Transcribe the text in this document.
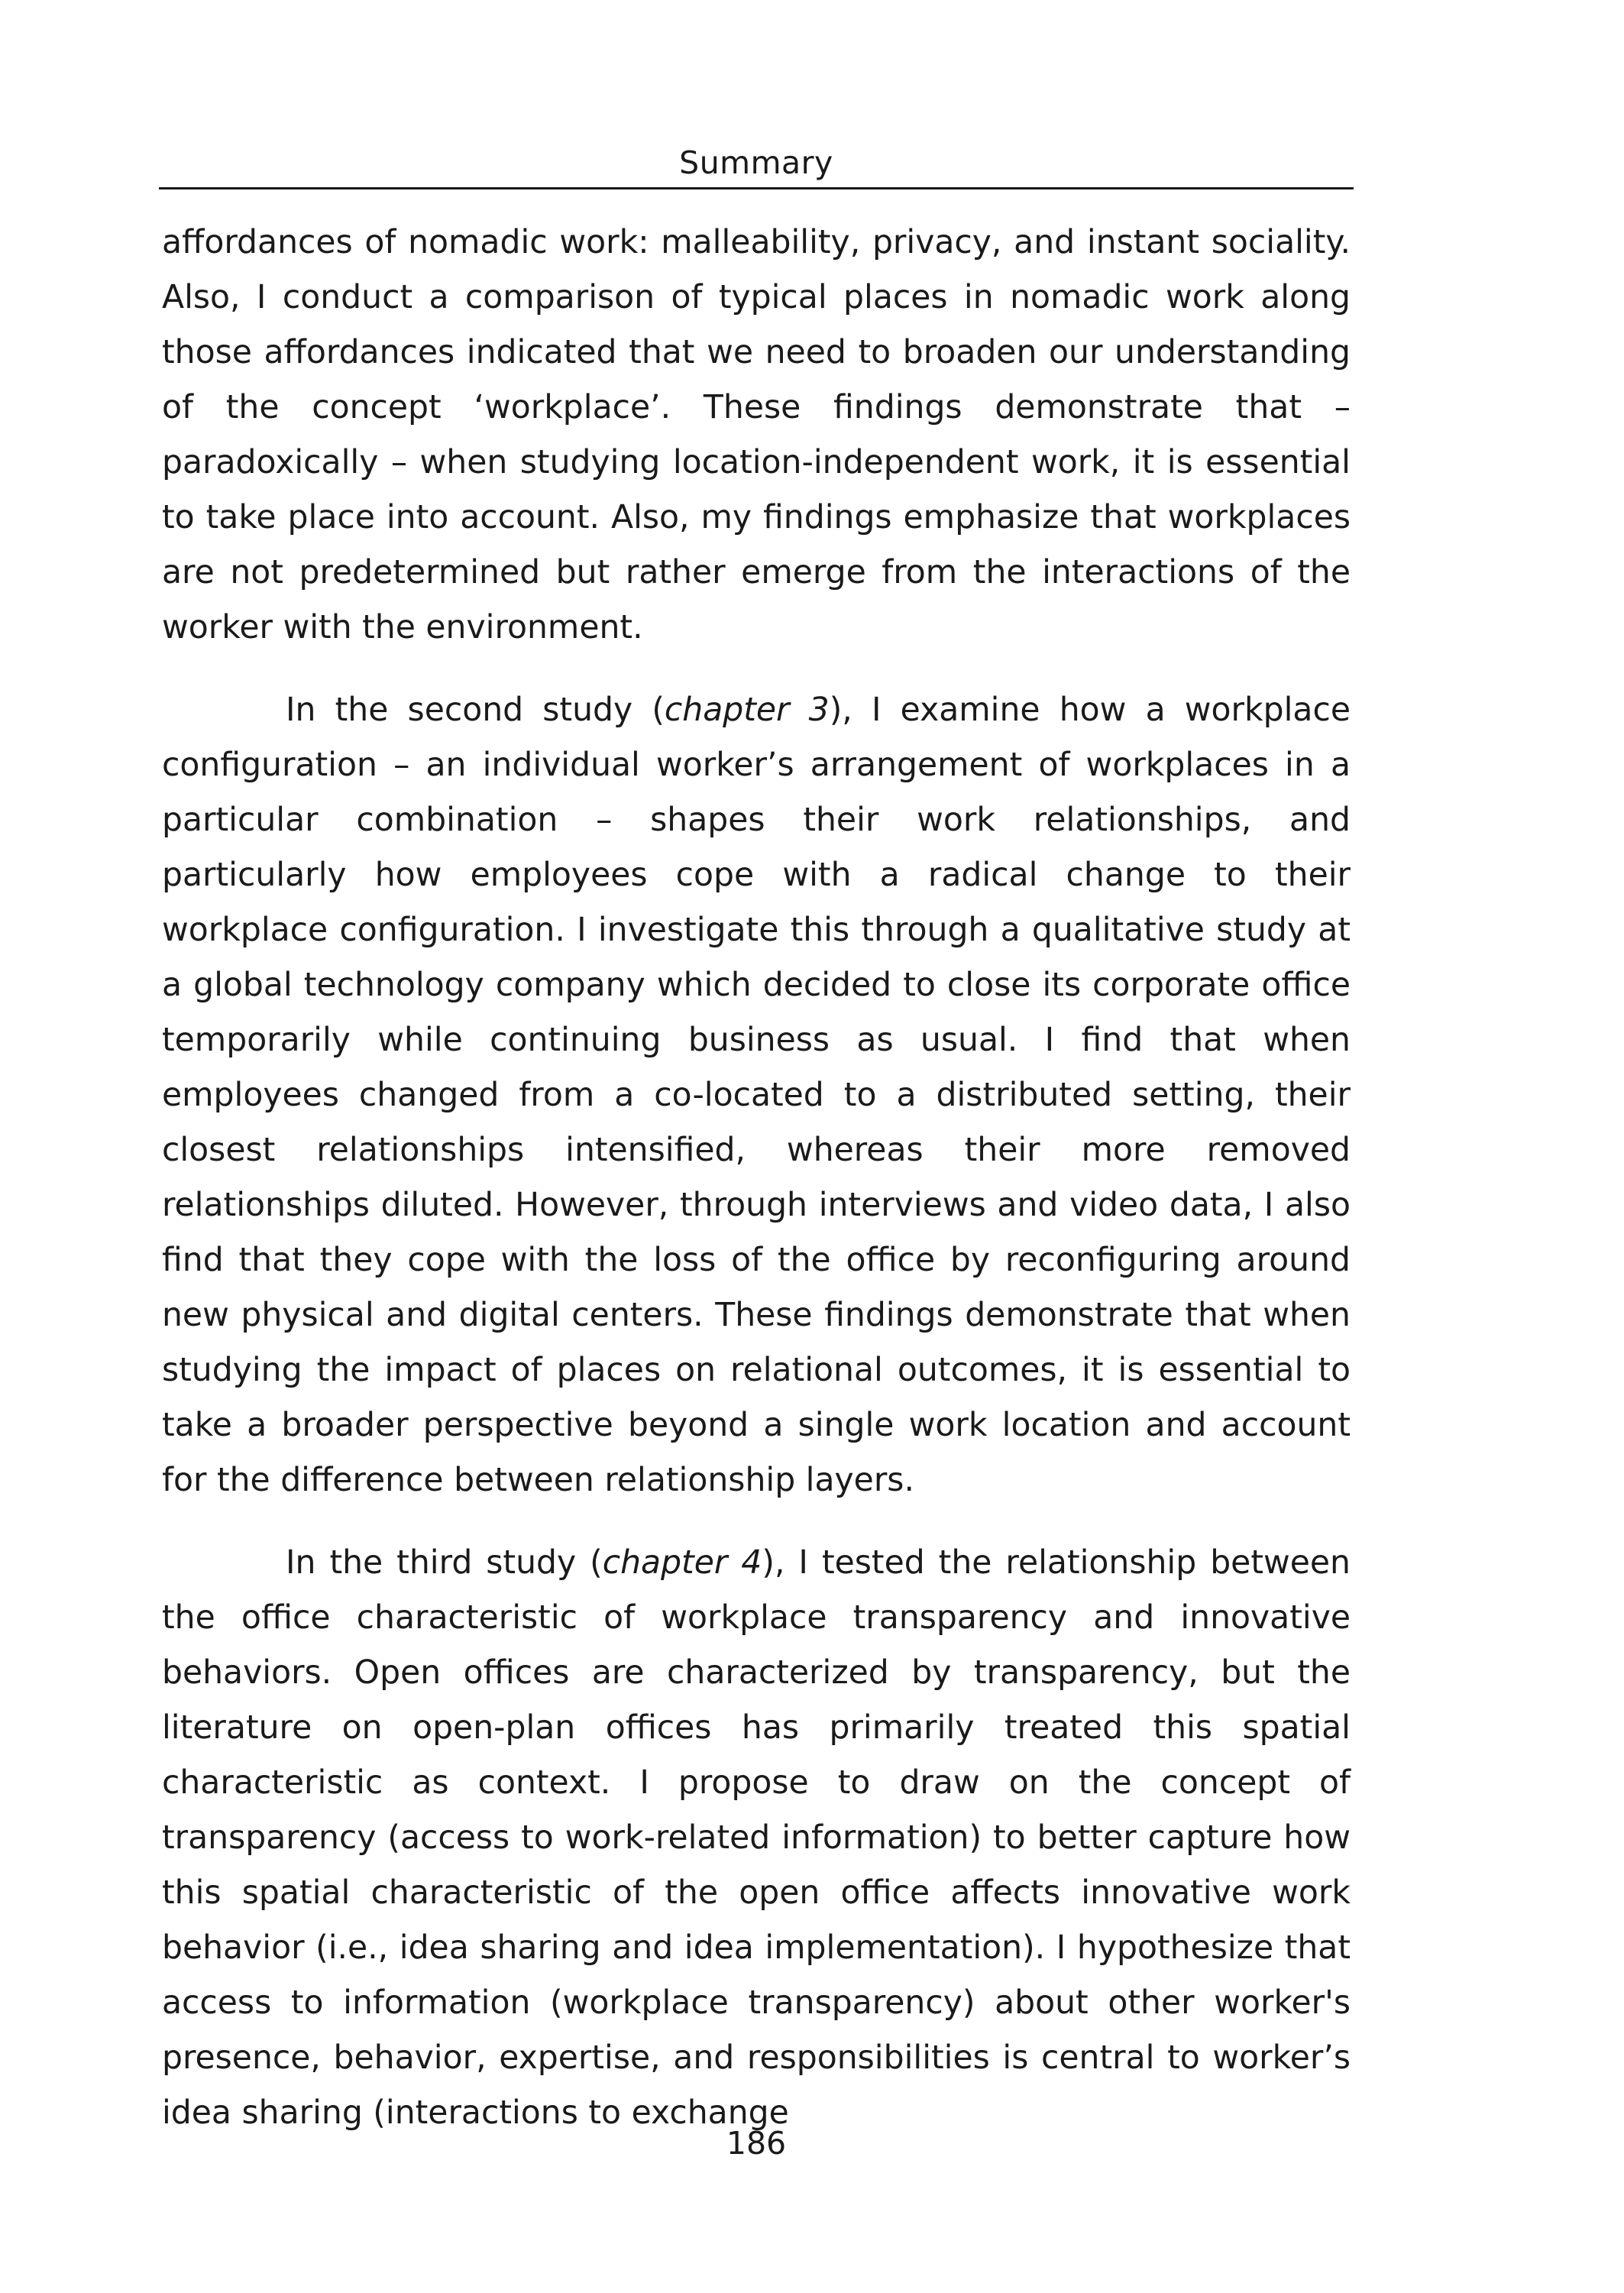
Summary

affordances of nomadic work: malleability, privacy, and instant sociality. Also, I conduct a comparison of typical places in nomadic work along those affordances indicated that we need to broaden our understanding of the concept ‘workplace’. These findings demonstrate that – paradoxically – when studying location-independent work, it is essential to take place into account. Also, my findings emphasize that workplaces are not predetermined but rather emerge from the interactions of the worker with the environment.

In the second study (chapter 3), I examine how a workplace configuration – an individual worker’s arrangement of workplaces in a particular combination – shapes their work relationships, and particularly how employees cope with a radical change to their workplace configuration. I investigate this through a qualitative study at a global technology company which decided to close its corporate office temporarily while continuing business as usual. I find that when employees changed from a co-located to a distributed setting, their closest relationships intensified, whereas their more removed relationships diluted. However, through interviews and video data, I also find that they cope with the loss of the office by reconfiguring around new physical and digital centers. These findings demonstrate that when studying the impact of places on relational outcomes, it is essential to take a broader perspective beyond a single work location and account for the difference between relationship layers.

In the third study (chapter 4), I tested the relationship between the office characteristic of workplace transparency and innovative behaviors. Open offices are characterized by transparency, but the literature on open-plan offices has primarily treated this spatial characteristic as context. I propose to draw on the concept of transparency (access to work-related information) to better capture how this spatial characteristic of the open office affects innovative work behavior (i.e., idea sharing and idea implementation). I hypothesize that access to information (workplace transparency) about other worker's presence, behavior, expertise, and responsibilities is central to worker’s idea sharing (interactions to exchange

186
